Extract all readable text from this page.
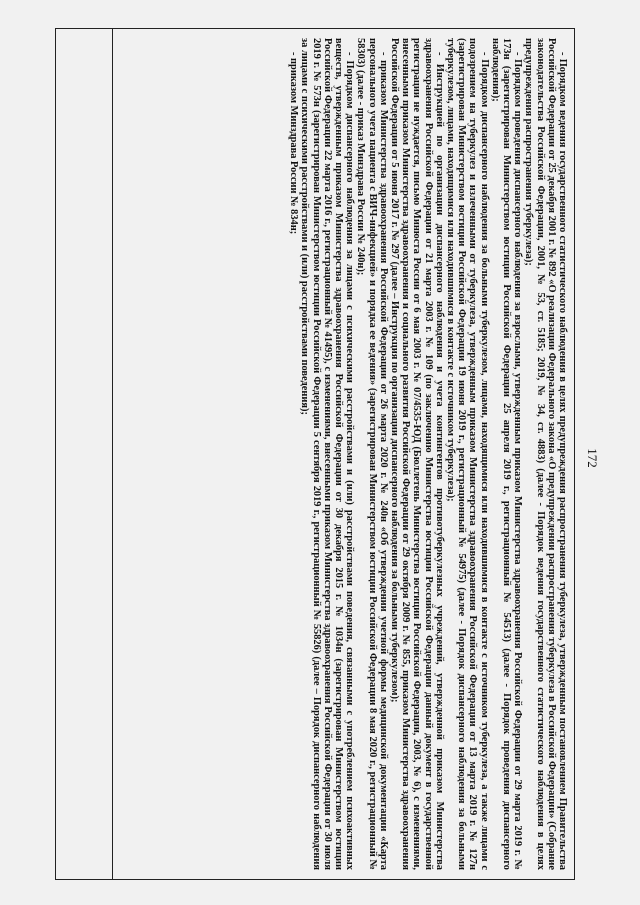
172

- Порядком ведения государственного статистического наблюдения в целях предупреждения распространения туберкулеза, утвержденным постановлением Правительства Российской Федерации от 25 декабря 2001 г. № 892 «О реализации Федерального закона «О предупреждении распространения туберкулеза в Российской Федерации» (Собрание законодательства Российской Федерации, 2001, № 53, ст. 5185; 2019, № 34, ст. 4883) (далее - Порядок ведения государственного статистического наблюдения в целях предупреждения распространения туберкулеза);

- Порядком проведения диспансерного наблюдения за взрослыми, утвержденным приказом Министерства здравоохранения Российской Федерации от 29 марта 2019 г. № 173н (зарегистрирован Министерством юстиции Российской Федерации 25 апреля 2019 г., регистрационный № 54513) (далее - Порядок проведения диспансерного наблюдения);

- Порядком диспансерного наблюдения за больными туберкулезом, лицами, находящимися или находившимися в контакте с источником туберкулеза, а также лицами с подозрением на туберкулез и излеченными от туберкулеза, утвержденным приказом Министерства здравоохранения Российской Федерации от 13 марта 2019 г. № 127н (зарегистрирован Министерством юстиции Российской Федерации 19 июня 2019 г., регистрационный № 54975) (далее - Порядок диспансерного наблюдения за больными туберкулезом, лицами, находящимися или находившимися в контакте с источником туберкулеза);

- Инструкцией по организации диспансерного наблюдения и учета контингентов противотуберкулезных учреждений, утвержденной приказом Министерства здравоохранения Российской Федерации от 21 марта 2003 г. № 109 (по заключению Министерства юстиции Российской Федерации данный документ в государственной регистрации не нуждается, письмо Минюста России от 6 мая 2003 г. № 07/4535-ЮД (Бюллетень Министерства юстиции Российской Федерации, 2003, № 6), с изменениями, внесенными приказом Министерства здравоохранения и социального развития Российской Федерации от 29 октября 2009 г. № 855, приказом Министерства здравоохранения Российской Федерации от 5 июня 2017 г. № 297 (далее – Инструкция по организации диспансерного наблюдения за больными туберкулезом);

- приказом Министерства здравоохранения Российской Федерации от 26 марта 2020 г. № 240н «Об утверждении учетной формы медицинской документации «Карта персонального учета пациента с ВИЧ-инфекцией» и порядка ее ведения» (зарегистрирован Министерством юстиции Российской Федерации 8 мая 2020 г., регистрационный № 58303) (далее - приказ Минздрава России № 240н);

- Порядком диспансерного наблюдения за лицами с психическими расстройствами и (или) расстройствами поведения, связанными с употреблением психоактивных веществ, утвержденным приказом Министерства здравоохранения Российской Федерации от 30 декабря 2015 г. № 1034н (зарегистрирован Министерством юстиции Российской Федерации 22 марта 2016 г., регистрационный № 41495), с изменениями, внесенными приказом Министерства здравоохранения Российской Федерации от 30 июля 2019 г. № 573н (зарегистрирован Министерством юстиции Российской Федерации 5 сентября 2019 г., регистрационный № 55826) (далее – Порядок диспансерного наблюдения за лицами с психическими расстройствами и (или) расстройствами поведения);

- приказом Минздрава России № 834н;
